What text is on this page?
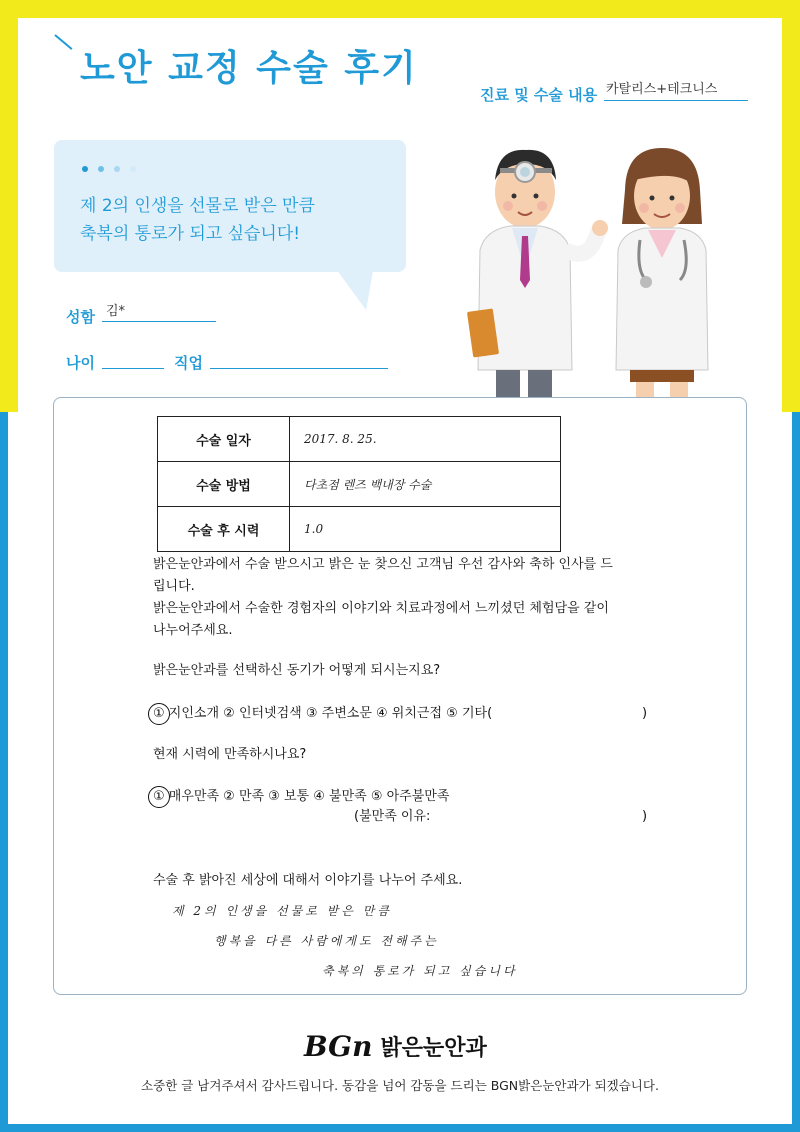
노안 교정 수술 후기
진료 및 수술 내용 카탈리스+테크니스
제 2의 인생을 선물로 받은 만큼
축복의 통로가 되고 싶습니다!
성함 김*
나이	직업
수술 일자	2017. 8. 25.
수술 방법	다초점 렌즈 백내장 수술
수술 후 시력	1.0
밝은눈안과에서 수술 받으시고 밝은 눈 찾으신 고객님 우선 감사와 축하 인사를 드
립니다.
밝은눈안과에서 수술한 경험자의 이야기와 치료과정에서 느끼셨던 체험담을 같이
나누어주세요.
밝은눈안과를 선택하신 동기가 어떻게 되시는지요?
① 지인소개 ② 인터넷검색 ③ 주변소문 ④ 위치근접 ⑤ 기타(	)
현재 시력에 만족하시나요?
① 매우만족 ② 만족 ③ 보통 ④ 불만족 ⑤ 아주불만족
(불만족 이유:	)
수술 후 밝아진 세상에 대해서 이야기를 나누어 주세요.
제 2의 인생을 선물로 받은 만큼
행복을 다른 사람에게도 전해주는
축복의 통로가 되고 싶습니다
BGn 밝은눈안과
소중한 글 남겨주셔서 감사드립니다. 동감을 넘어 감동을 드리는 BGN밝은눈안과가 되겠습니다.
